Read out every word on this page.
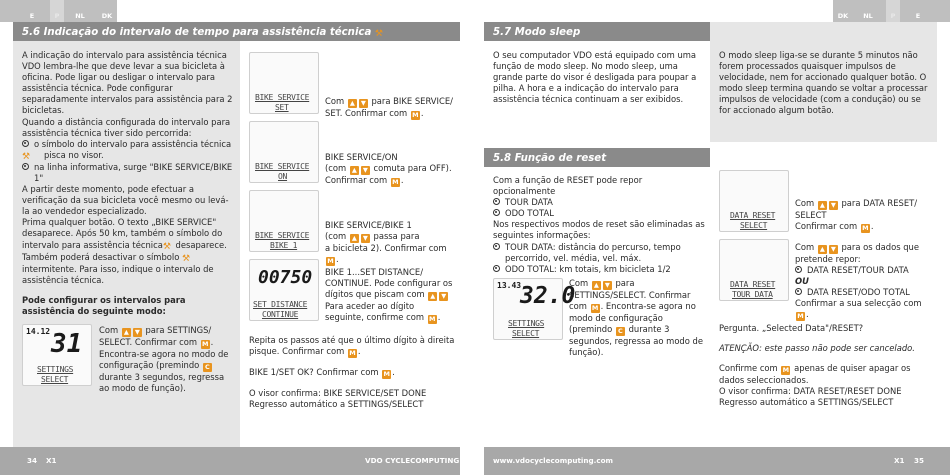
E	P	NL	DK	DK	NL	P	E
5.6 Indicação do intervalo de tempo para assistência técnica ⚒	5.7 Modo sleep
5.8 Função de reset

A indicação do intervalo para assistência técnica VDO lembra-lhe que deve levar a sua bicicleta à oficina. Pode ligar ou desligar o intervalo para assistência técnica. Pode configurar separadamente intervalos para assistência para 2 bicicletas.

Quando a distância configurada do intervalo para assistência técnica tiver sido percorrida:

o símbolo do intervalo para assistência técnica ⚒ pisca no visor.

na linha informativa, surge "BIKE SERVICE/BIKE 1"

A partir deste momento, pode efectuar a verificação da sua bicicleta você mesmo ou levá-la ao vendedor especializado.

Prima qualquer botão. O texto „BIKE SERVICE" desaparece. Após 50 km, também o símbolo do intervalo para assistência técnica⚒ desaparece. Também poderá desactivar o símbolo ⚒intermitente. Para isso, indique o intervalo de assistência técnica.

Pode configurar os intervalos para assistência do seguinte modo:

14.12 31
SETTINGS
SELECT

Com ▲ ▼ para SETTINGS/ SELECT. Confirmar com M . Encontra-se agora no modo de configuração (premindo C durante 3 segundos, regressa ao modo de função).

BIKE SERVICE
SET

Com ▲ ▼ para BIKE SERVICE/ SET. Confirmar com M .

BIKE SERVICE
ON

BIKE SERVICE/ON

(com ▲ ▼ comuta para OFF).

Confirmar com M .

BIKE SERVICE
BIKE 1

BIKE SERVICE/BIKE 1

(com ▲ ▼ passa para

a bicicleta 2). Confirmar com M .

00750
SET DISTANCE
CONTINUE

BIKE 1...SET DISTANCE/ CONTINUE. Pode configurar os dígitos que piscam com ▲ ▼ Para aceder ao dígito seguinte, confirme com M .

Repita os passos até que o último dígito à direita pisque. Confirmar com M .

BIKE 1/SET OK? Confirmar com M .

O visor confirma: BIKE SERVICE/SET DONE

Regresso automático a SETTINGS/SELECT

O seu computador VDO está equipado com uma função de modo sleep. No modo sleep, uma grande parte do visor é desligada para poupar a pilha. A hora e a indicação do intervalo para assistência técnica continuam a ser exibidos.

Com a função de RESET pode repor opcionalmente

TOUR DATA

ODO TOTAL

Nos respectivos modos de reset são eliminadas as seguintes informações:

TOUR DATA: distância do percurso, tempo percorrido, vel. média, vel. máx.

ODO TOTAL: km totais, km bicicleta 1/2

13.43
32.0
SETTINGS
SELECT

Com ▲ ▼ para SETTINGS/SELECT. Confirmar com M . Encontra-se agora no modo de configuração (premindo C durante 3 segundos, regressa ao modo de função).

O modo sleep liga-se se durante 5 minutos não forem processados quaisquer impulsos de velocidade, nem for accionado qualquer botão. O modo sleep termina quando se voltar a processar impulsos de velocidade (com a condução) ou se for accionado algum botão.

DATA RESET
SELECT

Com ▲ ▼ para DATA RESET/ SELECT

Confirmar com M .

DATA RESET
TOUR DATA

Com ▲ ▼ para os dados que pretende repor:

DATA RESET/TOUR DATA

OU

DATA RESET/ODO TOTAL

Confirmar a sua selecção com M .

Pergunta. „Selected Data"/RESET?

ATENÇÃO: este passo não pode ser cancelado.

Confirme com M apenas de quiser apagar os dados seleccionados.

O visor confirma: DATA RESET/RESET DONE

Regresso automático a SETTINGS/SELECT

34 X1	VDO CYCLECOMPUTING	www.vdocyclecomputing.com	X1 35
